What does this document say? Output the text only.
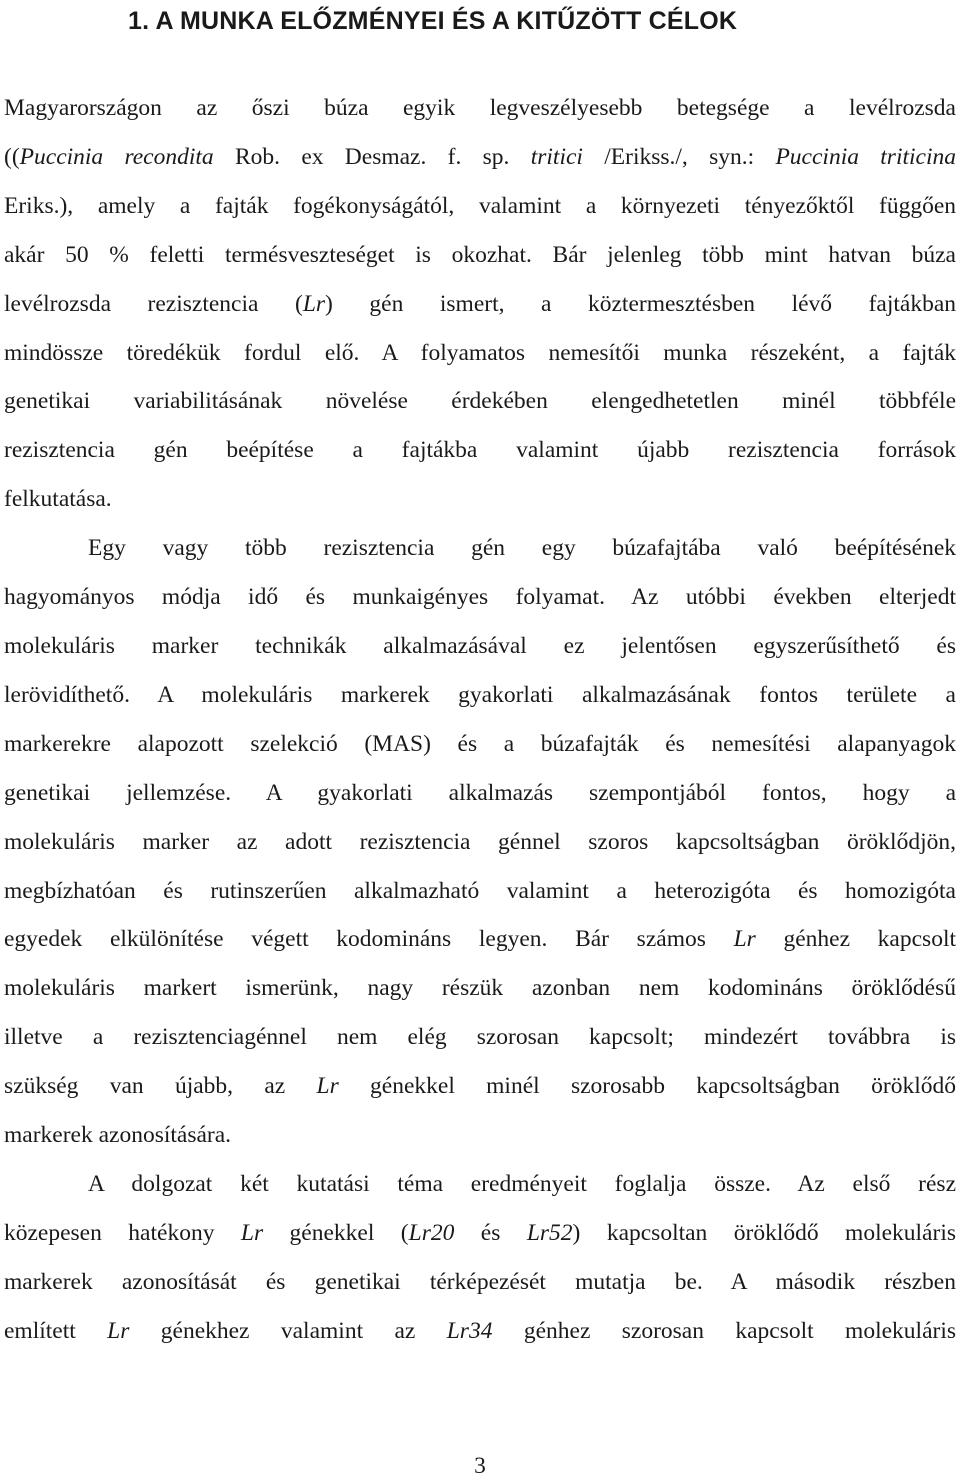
1. A MUNKA ELŐZMÉNYEI ÉS A KITŰZÖTT CÉLOK
Magyarországon az őszi búza egyik legveszélyesebb betegsége a levélrozsda
((Puccinia recondita Rob. ex Desmaz. f. sp. tritici /Erikss./, syn.: Puccinia triticina
Eriks.), amely a fajták fogékonyságától, valamint a környezeti tényezőktől függően
akár 50 % feletti termésveszteséget is okozhat. Bár jelenleg több mint hatvan búza
levélrozsda rezisztencia (Lr) gén ismert, a köztermesztésben lévő fajtákban
mindössze töredékük fordul elő. A folyamatos nemesítői munka részeként, a fajták
genetikai variabilitásának növelése érdekében elengedhetetlen minél többféle
rezisztencia gén beépítése a fajtákba valamint újabb rezisztencia források
felkutatása.
Egy vagy több rezisztencia gén egy búzafajtába való beépítésének
hagyományos módja idő és munkaigényes folyamat. Az utóbbi években elterjedt
molekuláris marker technikák alkalmazásával ez jelentősen egyszerűsíthető és
lerövidíthető. A molekuláris markerek gyakorlati alkalmazásának fontos területe a
markerekre alapozott szelekció (MAS) és a búzafajták és nemesítési alapanyagok
genetikai jellemzése. A gyakorlati alkalmazás szempontjából fontos, hogy a
molekuláris marker az adott rezisztencia génnel szoros kapcsoltságban öröklődjön,
megbízhatóan és rutinszerűen alkalmazható valamint a heterozigóta és homozigóta
egyedek elkülönítése végett kodomináns legyen. Bár számos Lr génhez kapcsolt
molekuláris markert ismerünk, nagy részük azonban nem kodomináns öröklődésű
illetve a rezisztenciagénnel nem elég szorosan kapcsolt; mindezért továbbra is
szükség van újabb, az Lr génekkel minél szorosabb kapcsoltságban öröklődő
markerek azonosítására.
A dolgozat két kutatási téma eredményeit foglalja össze. Az első rész
közepesen hatékony Lr génekkel (Lr20 és Lr52) kapcsoltan öröklődő molekuláris
markerek azonosítását és genetikai térképezését mutatja be. A második részben
említett Lr génekhez valamint az Lr34 génhez szorosan kapcsolt molekuláris
3
